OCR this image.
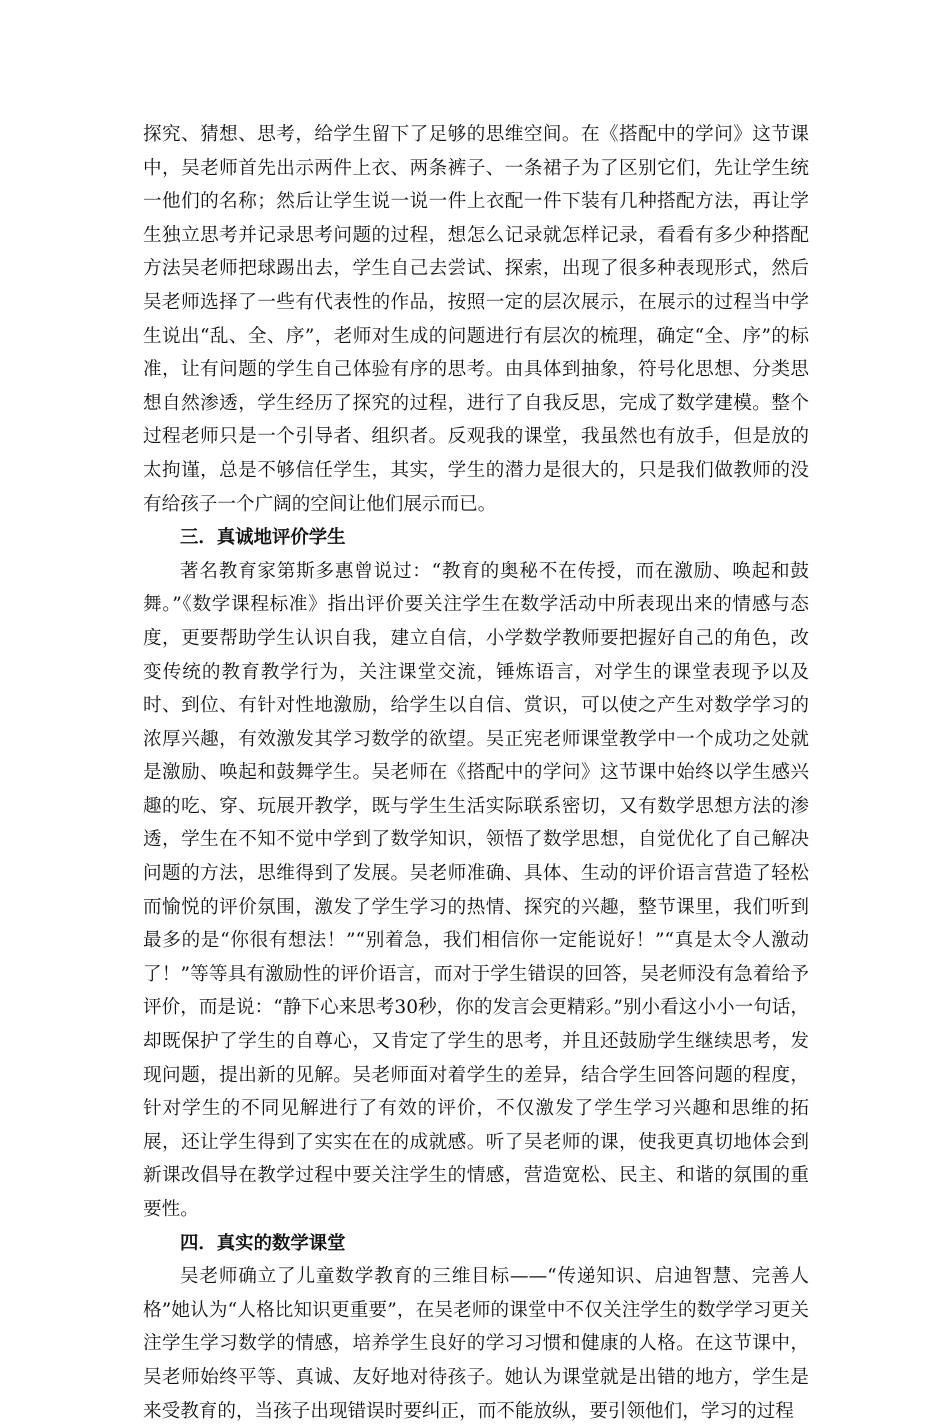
探究、猜想、思考，给学生留下了足够的思维空间。在《搭配中的学问》这节课中，吴老师首先出示两件上衣、两条裤子、一条裙子为了区别它们，先让学生统一他们的名称；然后让学生说一说一件上衣配一件下装有几种搭配方法，再让学生独立思考并记录思考问题的过程，想怎么记录就怎样记录，看看有多少种搭配方法吴老师把球踢出去，学生自己去尝试、探索，出现了很多种表现形式，然后吴老师选择了一些有代表性的作品，按照一定的层次展示，在展示的过程当中学生说出“乱、全、序”，老师对生成的问题进行有层次的梳理，确定“全、序”的标准，让有问题的学生自己体验有序的思考。由具体到抽象，符号化思想、分类思想自然渗透，学生经历了探究的过程，进行了自我反思，完成了数学建模。整个过程老师只是一个引导者、组织者。反观我的课堂，我虽然也有放手，但是放的太拘谨，总是不够信任学生，其实，学生的潜力是很大的，只是我们做教师的没有给孩子一个广阔的空间让他们展示而已。

三．真诚地评价学生

著名教育家第斯多惠曾说过：“教育的奥秘不在传授，而在激励、唤起和鼓舞。”《数学课程标准》指出评价要关注学生在数学活动中所表现出来的情感与态度，更要帮助学生认识自我，建立自信，小学数学教师要把握好自己的角色，改变传统的教育教学行为，关注课堂交流，锤炼语言，对学生的课堂表现予以及时、到位、有针对性地激励，给学生以自信、赏识，可以使之产生对数学学习的浓厚兴趣，有效激发其学习数学的欲望。吴正宪老师课堂教学中一个成功之处就是激励、唤起和鼓舞学生。吴老师在《搭配中的学问》这节课中始终以学生感兴趣的吃、穿、玩展开教学，既与学生生活实际联系密切，又有数学思想方法的渗透，学生在不知不觉中学到了数学知识，领悟了数学思想，自觉优化了自己解决问题的方法，思维得到了发展。吴老师准确、具体、生动的评价语言营造了轻松而愉悦的评价氛围，激发了学生学习的热情、探究的兴趣，整节课里，我们听到最多的是“你很有想法！”“别着急，我们相信你一定能说好！”“真是太令人激动了！”等等具有激励性的评价语言，而对于学生错误的回答，吴老师没有急着给予评价，而是说：“静下心来思考30秒，你的发言会更精彩。”别小看这小小一句话，却既保护了学生的自尊心，又肯定了学生的思考，并且还鼓励学生继续思考，发现问题，提出新的见解。吴老师面对着学生的差异，结合学生回答问题的程度，针对学生的不同见解进行了有效的评价，不仅激发了学生学习兴趣和思维的拓展，还让学生得到了实实在在的成就感。听了吴老师的课，使我更真切地体会到新课改倡导在教学过程中要关注学生的情感，营造宽松、民主、和谐的氛围的重要性。

四．真实的数学课堂

吴老师确立了儿童数学教育的三维目标——“传递知识、启迪智慧、完善人格”她认为“人格比知识更重要”，在吴老师的课堂中不仅关注学生的数学学习更关注学生学习数学的情感，培养学生良好的学习习惯和健康的人格。在这节课中，吴老师始终平等、真诚、友好地对待孩子。她认为课堂就是出错的地方，学生是来受教育的，当孩子出现错误时要纠正，而不能放纵，要引领他们，学习的过程
